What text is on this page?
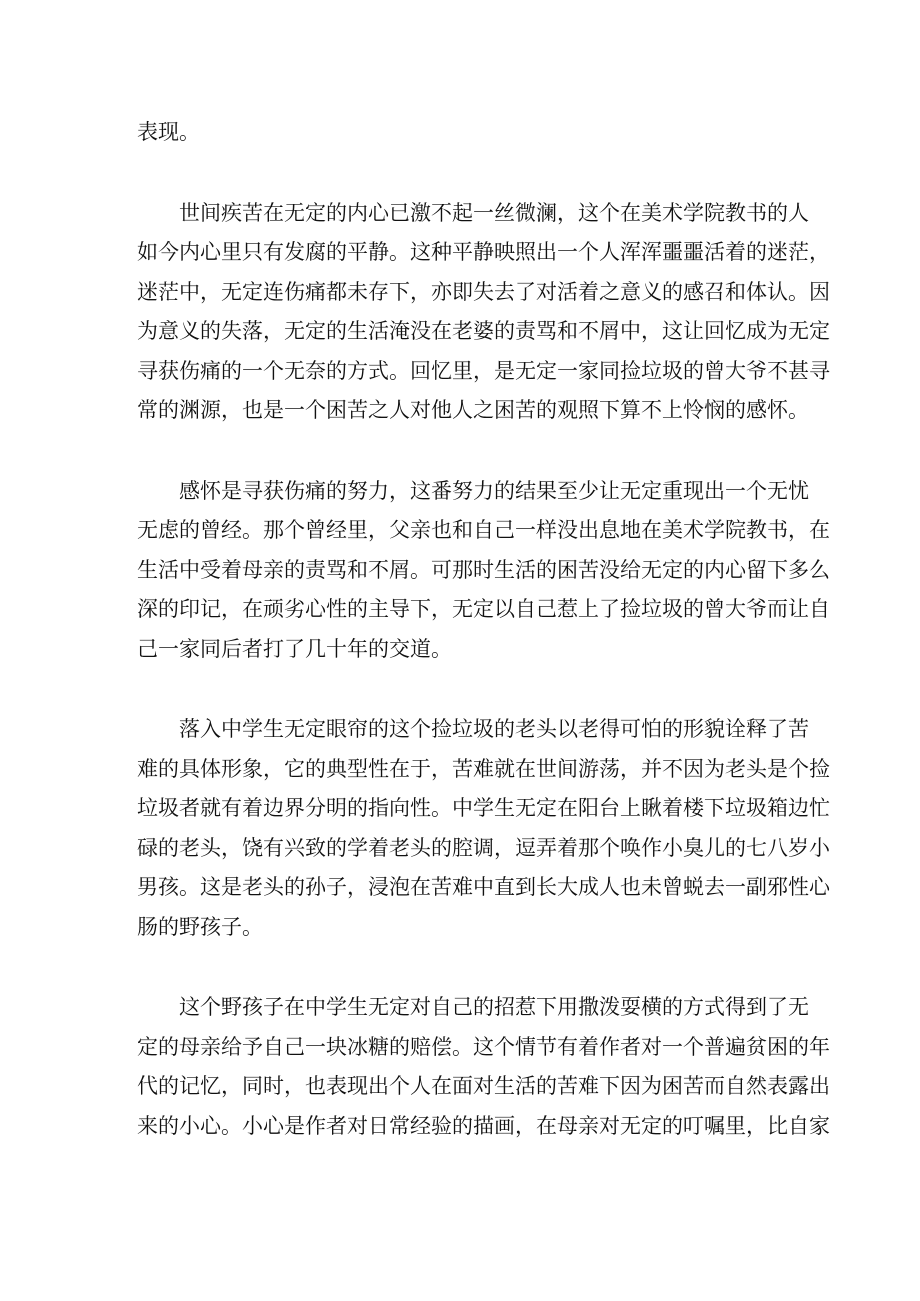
表现。
世间疾苦在无定的内心已激不起一丝微澜，这个在美术学院教书的人
如今内心里只有发腐的平静。这种平静映照出一个人浑浑噩噩活着的迷茫，
迷茫中，无定连伤痛都未存下，亦即失去了对活着之意义的感召和体认。因
为意义的失落，无定的生活淹没在老婆的责骂和不屑中，这让回忆成为无定
寻获伤痛的一个无奈的方式。回忆里，是无定一家同捡垃圾的曾大爷不甚寻
常的渊源，也是一个困苦之人对他人之困苦的观照下算不上怜悯的感怀。
感怀是寻获伤痛的努力，这番努力的结果至少让无定重现出一个无忧
无虑的曾经。那个曾经里，父亲也和自己一样没出息地在美术学院教书，在
生活中受着母亲的责骂和不屑。可那时生活的困苦没给无定的内心留下多么
深的印记，在顽劣心性的主导下，无定以自己惹上了捡垃圾的曾大爷而让自
己一家同后者打了几十年的交道。
落入中学生无定眼帘的这个捡垃圾的老头以老得可怕的形貌诠释了苦
难的具体形象，它的典型性在于，苦难就在世间游荡，并不因为老头是个捡
垃圾者就有着边界分明的指向性。中学生无定在阳台上瞅着楼下垃圾箱边忙
碌的老头，饶有兴致的学着老头的腔调，逗弄着那个唤作小臭儿的七八岁小
男孩。这是老头的孙子，浸泡在苦难中直到长大成人也未曾蜕去一副邪性心
肠的野孩子。
这个野孩子在中学生无定对自己的招惹下用撒泼耍横的方式得到了无
定的母亲给予自己一块冰糖的赔偿。这个情节有着作者对一个普遍贫困的年
代的记忆，同时，也表现出个人在面对生活的苦难下因为困苦而自然表露出
来的小心。小心是作者对日常经验的描画，在母亲对无定的叮嘱里，比自家
